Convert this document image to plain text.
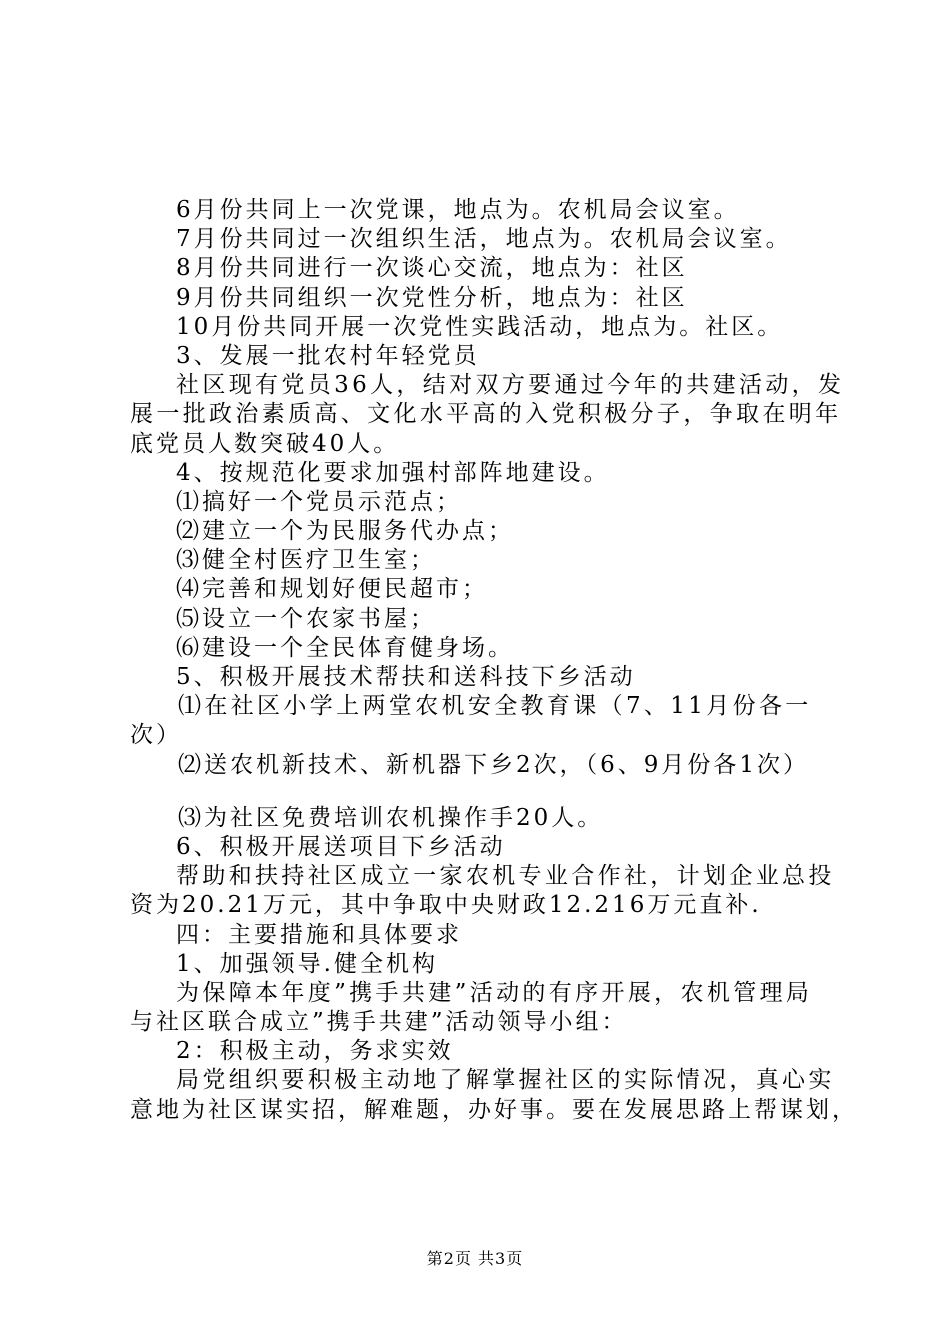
6月份共同上一次党课，地点为。农机局会议室。
7月份共同过一次组织生活，地点为。农机局会议室。
8月份共同进行一次谈心交流，地点为：社区
9月份共同组织一次党性分析，地点为：社区
10月份共同开展一次党性实践活动，地点为。社区。
3、发展一批农村年轻党员
社区现有党员36人，结对双方要通过今年的共建活动，发
展一批政治素质高、文化水平高的入党积极分子，争取在明年
底党员人数突破40人。
4、按规范化要求加强村部阵地建设。
⑴搞好一个党员示范点；
⑵建立一个为民服务代办点；
⑶健全村医疗卫生室；
⑷完善和规划好便民超市；
⑸设立一个农家书屋；
⑹建设一个全民体育健身场。
5、积极开展技术帮扶和送科技下乡活动
⑴在社区小学上两堂农机安全教育课（7、11月份各一
次）
⑵送农机新技术、新机器下乡2次，（6、9月份各1次）
⑶为社区免费培训农机操作手20人。
6、积极开展送项目下乡活动
帮助和扶持社区成立一家农机专业合作社，计划企业总投
资为20.21万元，其中争取中央财政12.216万元直补.
四：主要措施和具体要求
1、加强领导.健全机构
为保障本年度”携手共建”活动的有序开展，农机管理局
与社区联合成立”携手共建”活动领导小组：
2：积极主动，务求实效
局党组织要积极主动地了解掌握社区的实际情况，真心实
意地为社区谋实招，解难题，办好事。要在发展思路上帮谋划，
第2页 共3页
